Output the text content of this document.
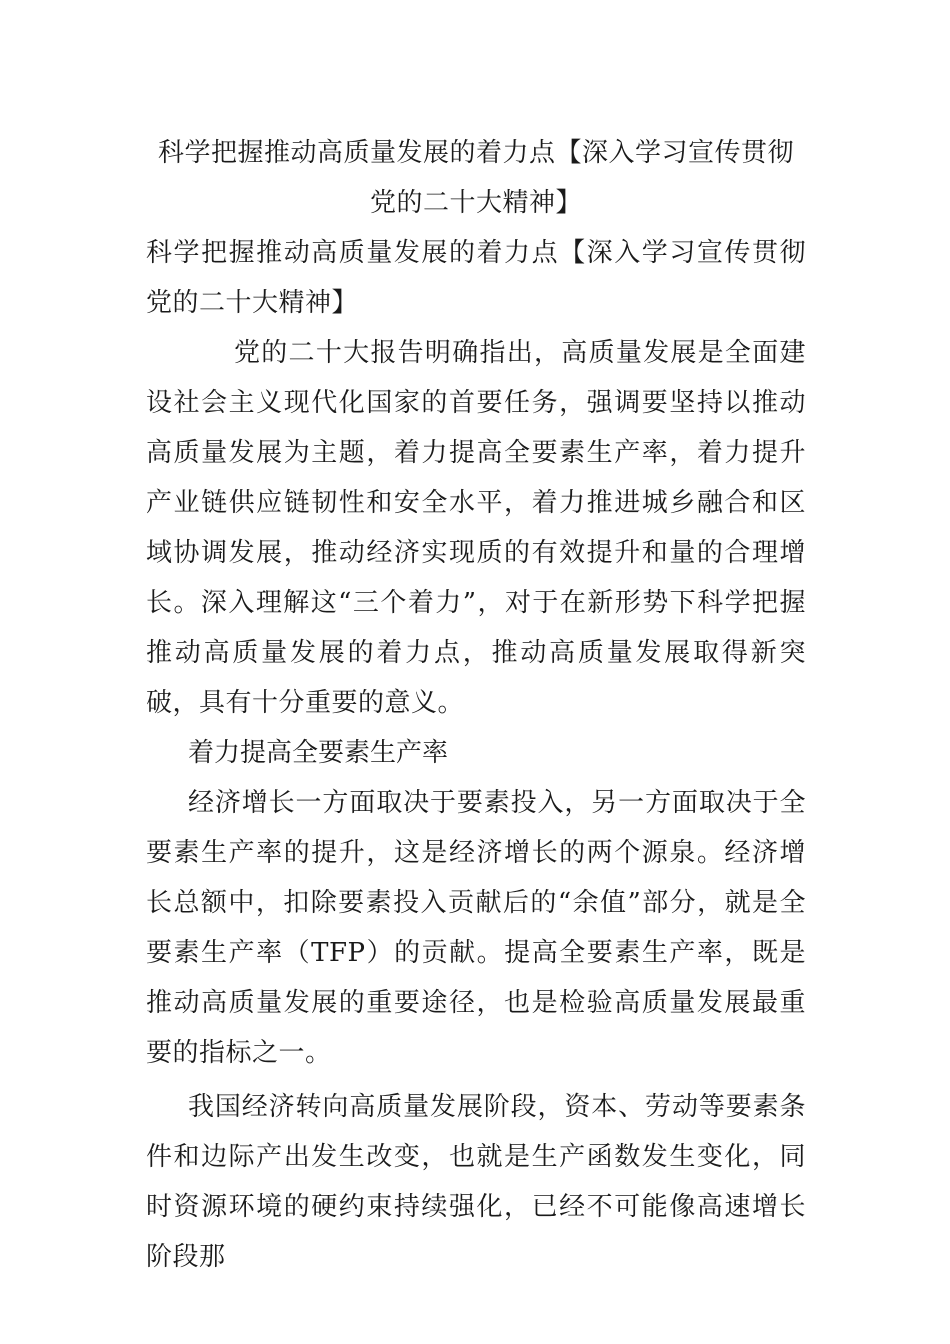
科学把握推动高质量发展的着力点【深入学习宣传贯彻党的二十大精神】
科学把握推动高质量发展的着力点【深入学习宣传贯彻党的二十大精神】

党的二十大报告明确指出，高质量发展是全面建设社会主义现代化国家的首要任务，强调要坚持以推动高质量发展为主题，着力提高全要素生产率，着力提升产业链供应链韧性和安全水平，着力推进城乡融合和区域协调发展，推动经济实现质的有效提升和量的合理增长。深入理解这“三个着力”，对于在新形势下科学把握推动高质量发展的着力点，推动高质量发展取得新突破，具有十分重要的意义。

着力提高全要素生产率

经济增长一方面取决于要素投入，另一方面取决于全要素生产率的提升，这是经济增长的两个源泉。经济增长总额中，扣除要素投入贡献后的“余值”部分，就是全要素生产率（TFP）的贡献。提高全要素生产率，既是推动高质量发展的重要途径，也是检验高质量发展最重要的指标之一。

我国经济转向高质量发展阶段，资本、劳动等要素条件和边际产出发生改变，也就是生产函数发生变化，同时资源环境的硬约束持续强化，已经不可能像高速增长阶段那
